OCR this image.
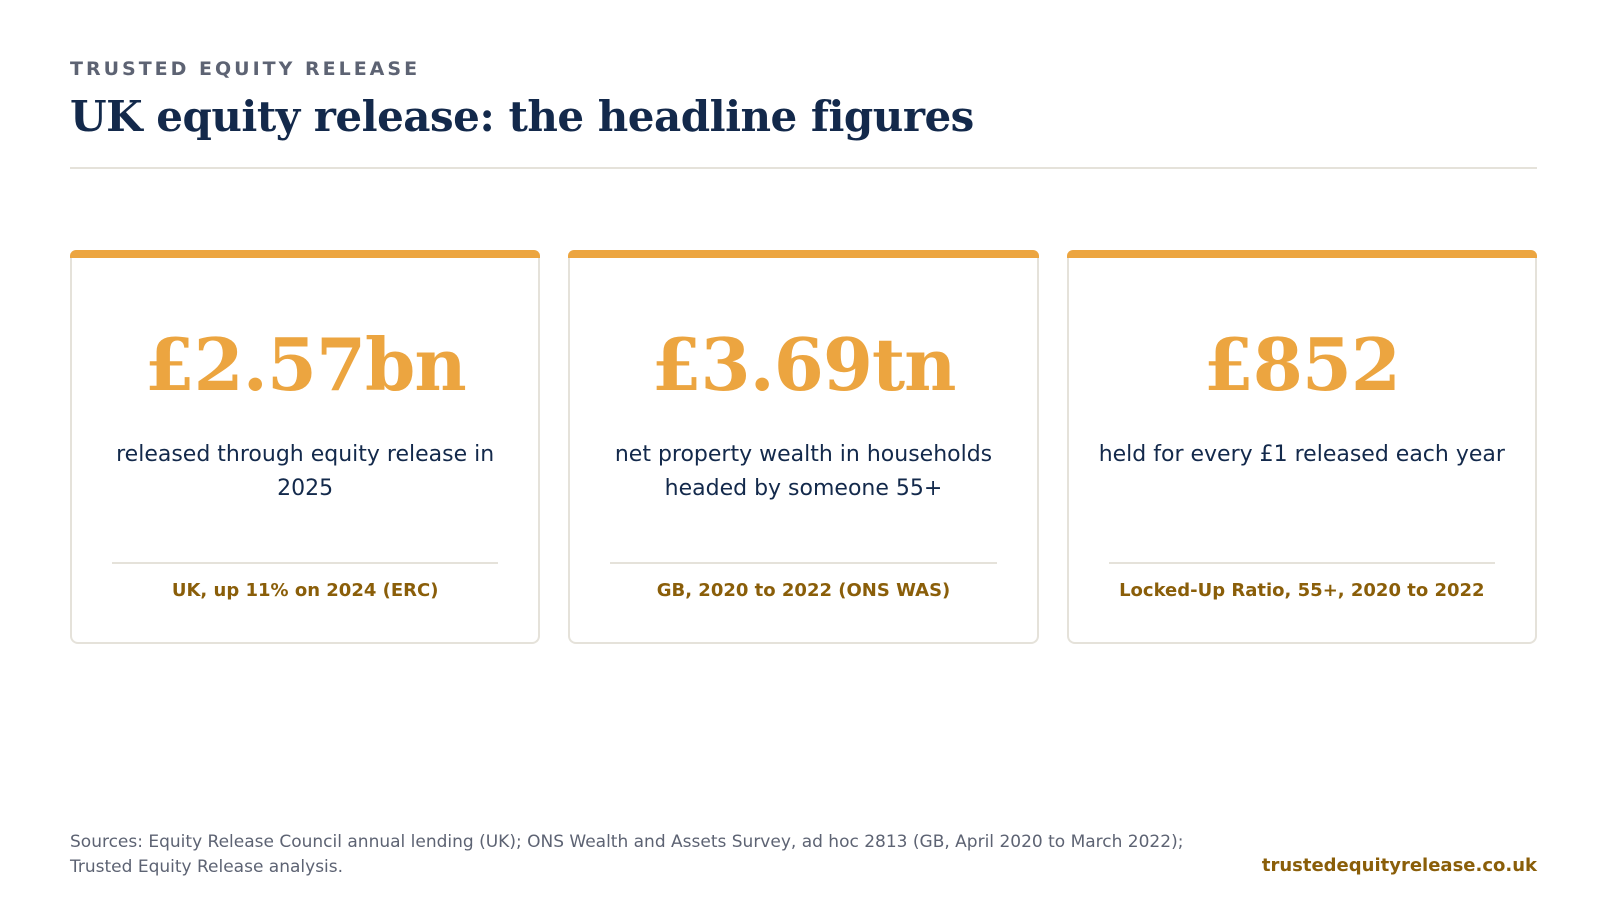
TRUSTED EQUITY RELEASE
UK equity release: the headline figures
£2.57bn
released through equity release in 2025
UK, up 11% on 2024 (ERC)
£3.69tn
net property wealth in households headed by someone 55+
GB, 2020 to 2022 (ONS WAS)
£852
held for every £1 released each year
Locked-Up Ratio, 55+, 2020 to 2022
Sources: Equity Release Council annual lending (UK); ONS Wealth and Assets Survey, ad hoc 2813 (GB, April 2020 to March 2022); Trusted Equity Release analysis.	trustedequityrelease.co.uk
